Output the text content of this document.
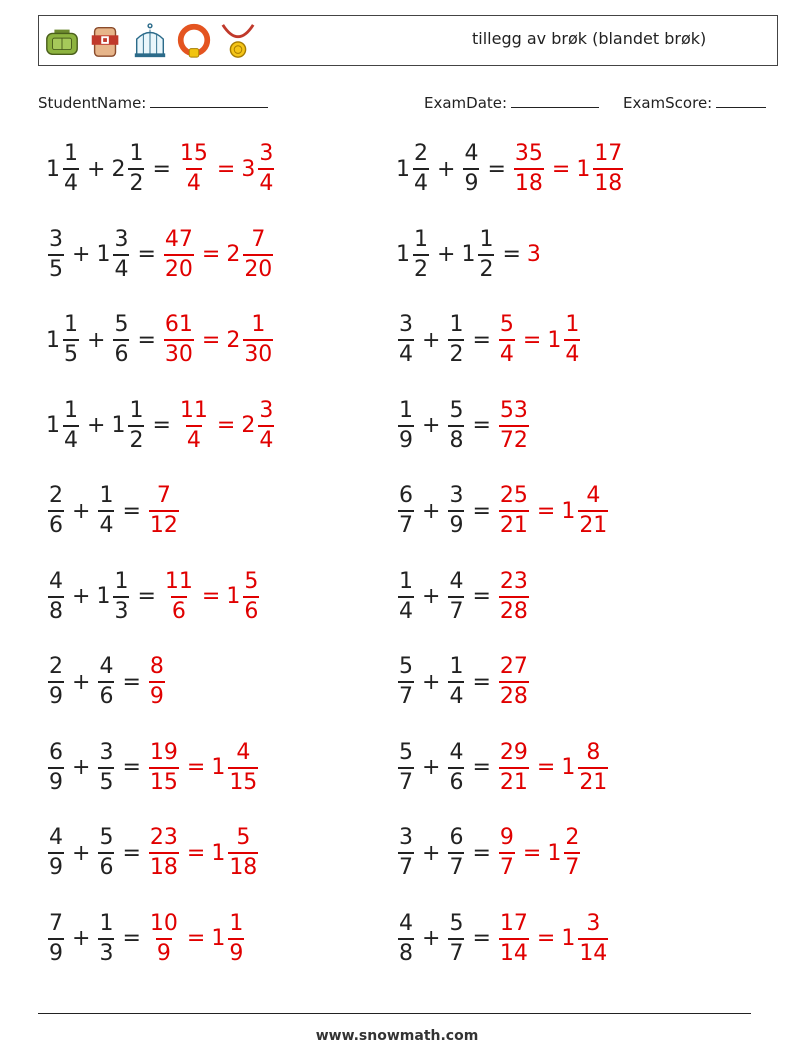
tillegg av brøk (blandet brøk)
StudentName:	ExamDate:	ExamScore:
$1 \frac{1}{4} + 2 \frac{1}{2} = \frac{15}{4} = 3 \frac{3}{4}$	$1 \frac{2}{4} + \frac{4}{9} = \frac{35}{18} = 1 \frac{17}{18}$
$\frac{3}{5} + 1 \frac{3}{4} = \frac{47}{20} = 2 \frac{7}{20}$	$1 \frac{1}{2} + 1 \frac{1}{2} = 3$
$1 \frac{1}{5} + \frac{5}{6} = \frac{61}{30} = 2 \frac{1}{30}$	$\frac{3}{4} + \frac{1}{2} = \frac{5}{4} = 1 \frac{1}{4}$
$1 \frac{1}{4} + 1 \frac{1}{2} = \frac{11}{4} = 2 \frac{3}{4}$	$\frac{1}{9} + \frac{5}{8} = \frac{53}{72}$
$\frac{2}{6} + \frac{1}{4} = \frac{7}{12}$	$\frac{6}{7} + \frac{3}{9} = \frac{25}{21} = 1 \frac{4}{21}$
$\frac{4}{8} + 1 \frac{1}{3} = \frac{11}{6} = 1 \frac{5}{6}$	$\frac{1}{4} + \frac{4}{7} = \frac{23}{28}$
$\frac{2}{9} + \frac{4}{6} = \frac{8}{9}$	$\frac{5}{7} + \frac{1}{4} = \frac{27}{28}$
$\frac{6}{9} + \frac{3}{5} = \frac{19}{15} = 1 \frac{4}{15}$	$\frac{5}{7} + \frac{4}{6} = \frac{29}{21} = 1 \frac{8}{21}$
$\frac{4}{9} + \frac{5}{6} = \frac{23}{18} = 1 \frac{5}{18}$	$\frac{3}{7} + \frac{6}{7} = \frac{9}{7} = 1 \frac{2}{7}$
$\frac{7}{9} + \frac{1}{3} = \frac{10}{9} = 1 \frac{1}{9}$	$\frac{4}{8} + \frac{5}{7} = \frac{17}{14} = 1 \frac{3}{14}$
www.snowmath.com
